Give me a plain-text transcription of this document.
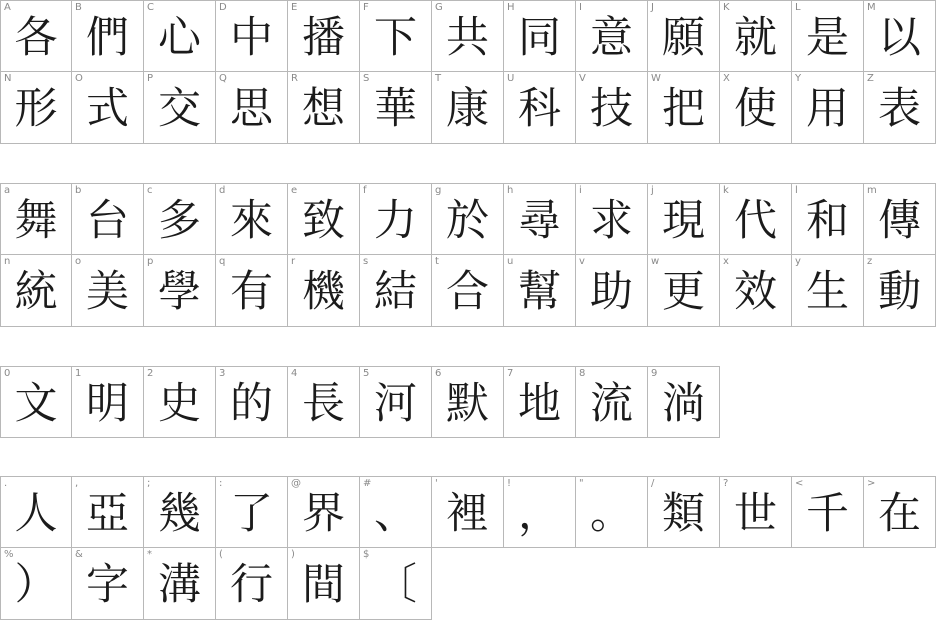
A
各
B
們
C
心
D
中
E
播
F
下
G
共
H
同
I
意
J
願
K
就
L
是
M
以
N
形
O
式
P
交
Q
思
R
想
S
華
T
康
U
科
V
技
W
把
X
使
Y
用
Z
表
a
舞
b
台
c
多
d
來
e
致
f
力
g
於
h
尋
i
求
j
現
k
代
l
和
m
傳
n
統
o
美
p
學
q
有
r
機
s
結
t
合
u
幫
v
助
w
更
x
效
y
生
z
動
0
文
1
明
2
史
3
的
4
長
5
河
6
默
7
地
8
流
9
淌
.
人
,
亞
;
幾
:
了
@
界
#
、
'
裡
!
，
"
。
/
類
?
世
<
千
>
在
%
）
&
字
*
溝
(
行
)
間
$
〔
